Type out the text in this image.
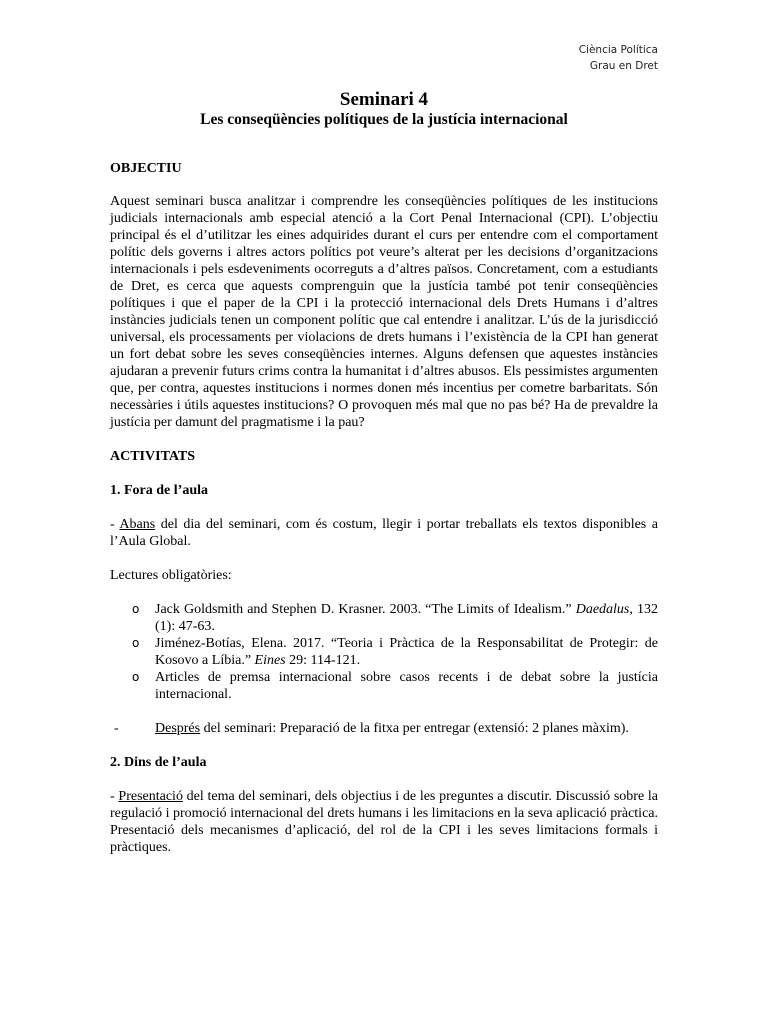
Ciència Política
Grau en Dret
Seminari 4
Les conseqüències polítiques de la justícia internacional

OBJECTIU

Aquest seminari busca analitzar i comprendre les conseqüències polítiques de les institucions judicials internacionals amb especial atenció a la Cort Penal Internacional (CPI). L’objectiu principal és el d’utilitzar les eines adquirides durant el curs per entendre com el comportament polític dels governs i altres actors polítics pot veure’s alterat per les decisions d’organitzacions internacionals i pels esdeveniments ocorreguts a d’altres països. Concretament, com a estudiants de Dret, es cerca que aquests comprenguin que la justícia també pot tenir conseqüències polítiques i que el paper de la CPI i la protecció internacional dels Drets Humans i d’altres instàncies judicials tenen un component polític que cal entendre i analitzar. L’ús de la jurisdicció universal, els processaments per violacions de drets humans i l’existència de la CPI han generat un fort debat sobre les seves conseqüències internes. Alguns defensen que aquestes instàncies ajudaran a prevenir futurs crims contra la humanitat i d’altres abusos. Els pessimistes argumenten que, per contra, aquestes institucions i normes donen més incentius per cometre barbaritats. Són necessàries i útils aquestes institucions? O provoquen més mal que no pas bé? Ha de prevaldre la justícia per damunt del pragmatisme i la pau?

ACTIVITATS

1. Fora de l’aula

- Abans del dia del seminari, com és costum, llegir i portar treballats els textos disponibles a l’Aula Global.

Lectures obligatòries:

o Jack Goldsmith and Stephen D. Krasner. 2003. “The Limits of Idealism.” Daedalus, 132 (1): 47-63.
o Jiménez-Botías, Elena. 2017. “Teoria i Pràctica de la Responsabilitat de Protegir: de Kosovo a Líbia.” Eines 29: 114-121.
o Articles de premsa internacional sobre casos recents i de debat sobre la justícia internacional.
-	Després del seminari: Preparació de la fitxa per entregar (extensió: 2 planes màxim).

2. Dins de l’aula

- Presentació del tema del seminari, dels objectius i de les preguntes a discutir. Discussió sobre la regulació i promoció internacional del drets humans i les limitacions en la seva aplicació pràctica. Presentació dels mecanismes d’aplicació, del rol de la CPI i les seves limitacions formals i pràctiques.
